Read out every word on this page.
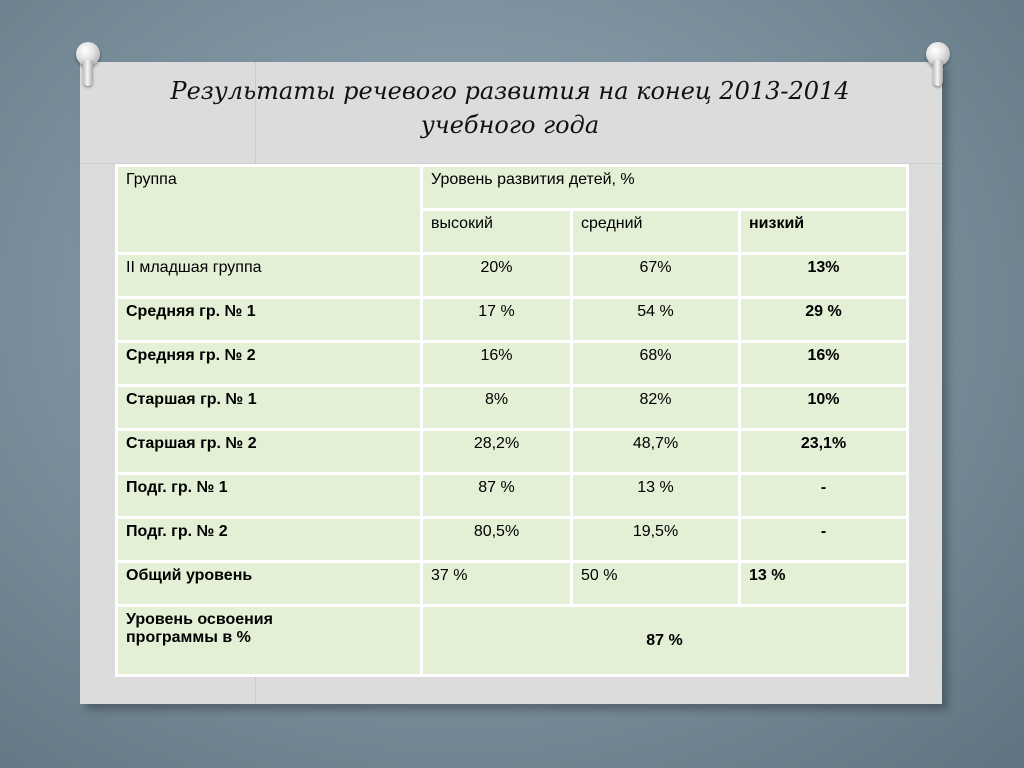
Результаты речевого развития на конец 2013-2014
учебного года
Группа	Уровень развития детей, %		
	высокий	средний	низкий
II младшая группа	20%	67%	13%
Средняя гр. № 1	17 %	54 %	29 %
Средняя гр. № 2	16%	68%	16%
Старшая гр. № 1	8%	82%	10%
Старшая гр. № 2	28,2%	48,7%	23,1%
Подг. гр. № 1	87 %	13 %	-
Подг. гр. № 2	80,5%	19,5%	-
Общий уровень	37 %	50 %	13 %

Уровень освоения
программы в %	87 %		
